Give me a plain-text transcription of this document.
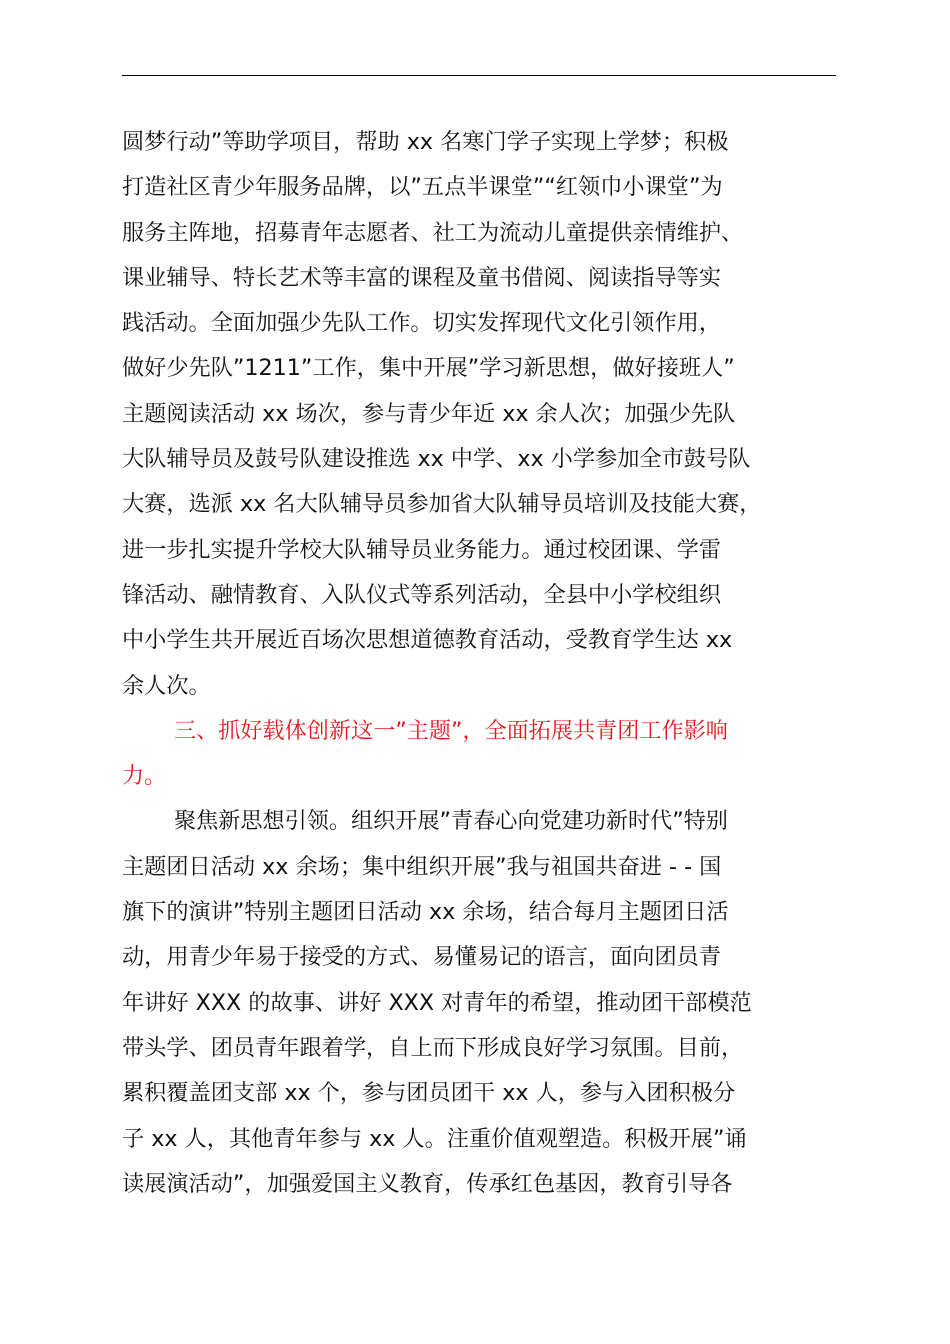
圆梦行动”等助学项目，帮助 xx 名寒门学子实现上学梦；积极
打造社区青少年服务品牌，以”五点半课堂”“红领巾小课堂”为
服务主阵地，招募青年志愿者、社工为流动儿童提供亲情维护、
课业辅导、特长艺术等丰富的课程及童书借阅、阅读指导等实
践活动。全面加强少先队工作。切实发挥现代文化引领作用，
做好少先队”1211”工作，集中开展”学习新思想，做好接班人”
主题阅读活动 xx 场次，参与青少年近 xx 余人次；加强少先队
大队辅导员及鼓号队建设推选 xx 中学、xx 小学参加全市鼓号队
大赛，选派 xx 名大队辅导员参加省大队辅导员培训及技能大赛，
进一步扎实提升学校大队辅导员业务能力。通过校团课、学雷
锋活动、融情教育、入队仪式等系列活动，全县中小学校组织
中小学生共开展近百场次思想道德教育活动，受教育学生达 xx
余人次。
三、抓好载体创新这一”主题”，全面拓展共青团工作影响
力。
聚焦新思想引领。组织开展”青春心向党建功新时代”特别
主题团日活动 xx 余场；集中组织开展”我与祖国共奋进 - - 国
旗下的演讲”特别主题团日活动 xx 余场，结合每月主题团日活
动，用青少年易于接受的方式、易懂易记的语言，面向团员青
年讲好 XXX 的故事、讲好 XXX 对青年的希望，推动团干部模范
带头学、团员青年跟着学，自上而下形成良好学习氛围。目前，
累积覆盖团支部 xx 个，参与团员团干 xx 人，参与入团积极分
子 xx 人，其他青年参与 xx 人。注重价值观塑造。积极开展”诵
读展演活动”，加强爱国主义教育，传承红色基因，教育引导各
